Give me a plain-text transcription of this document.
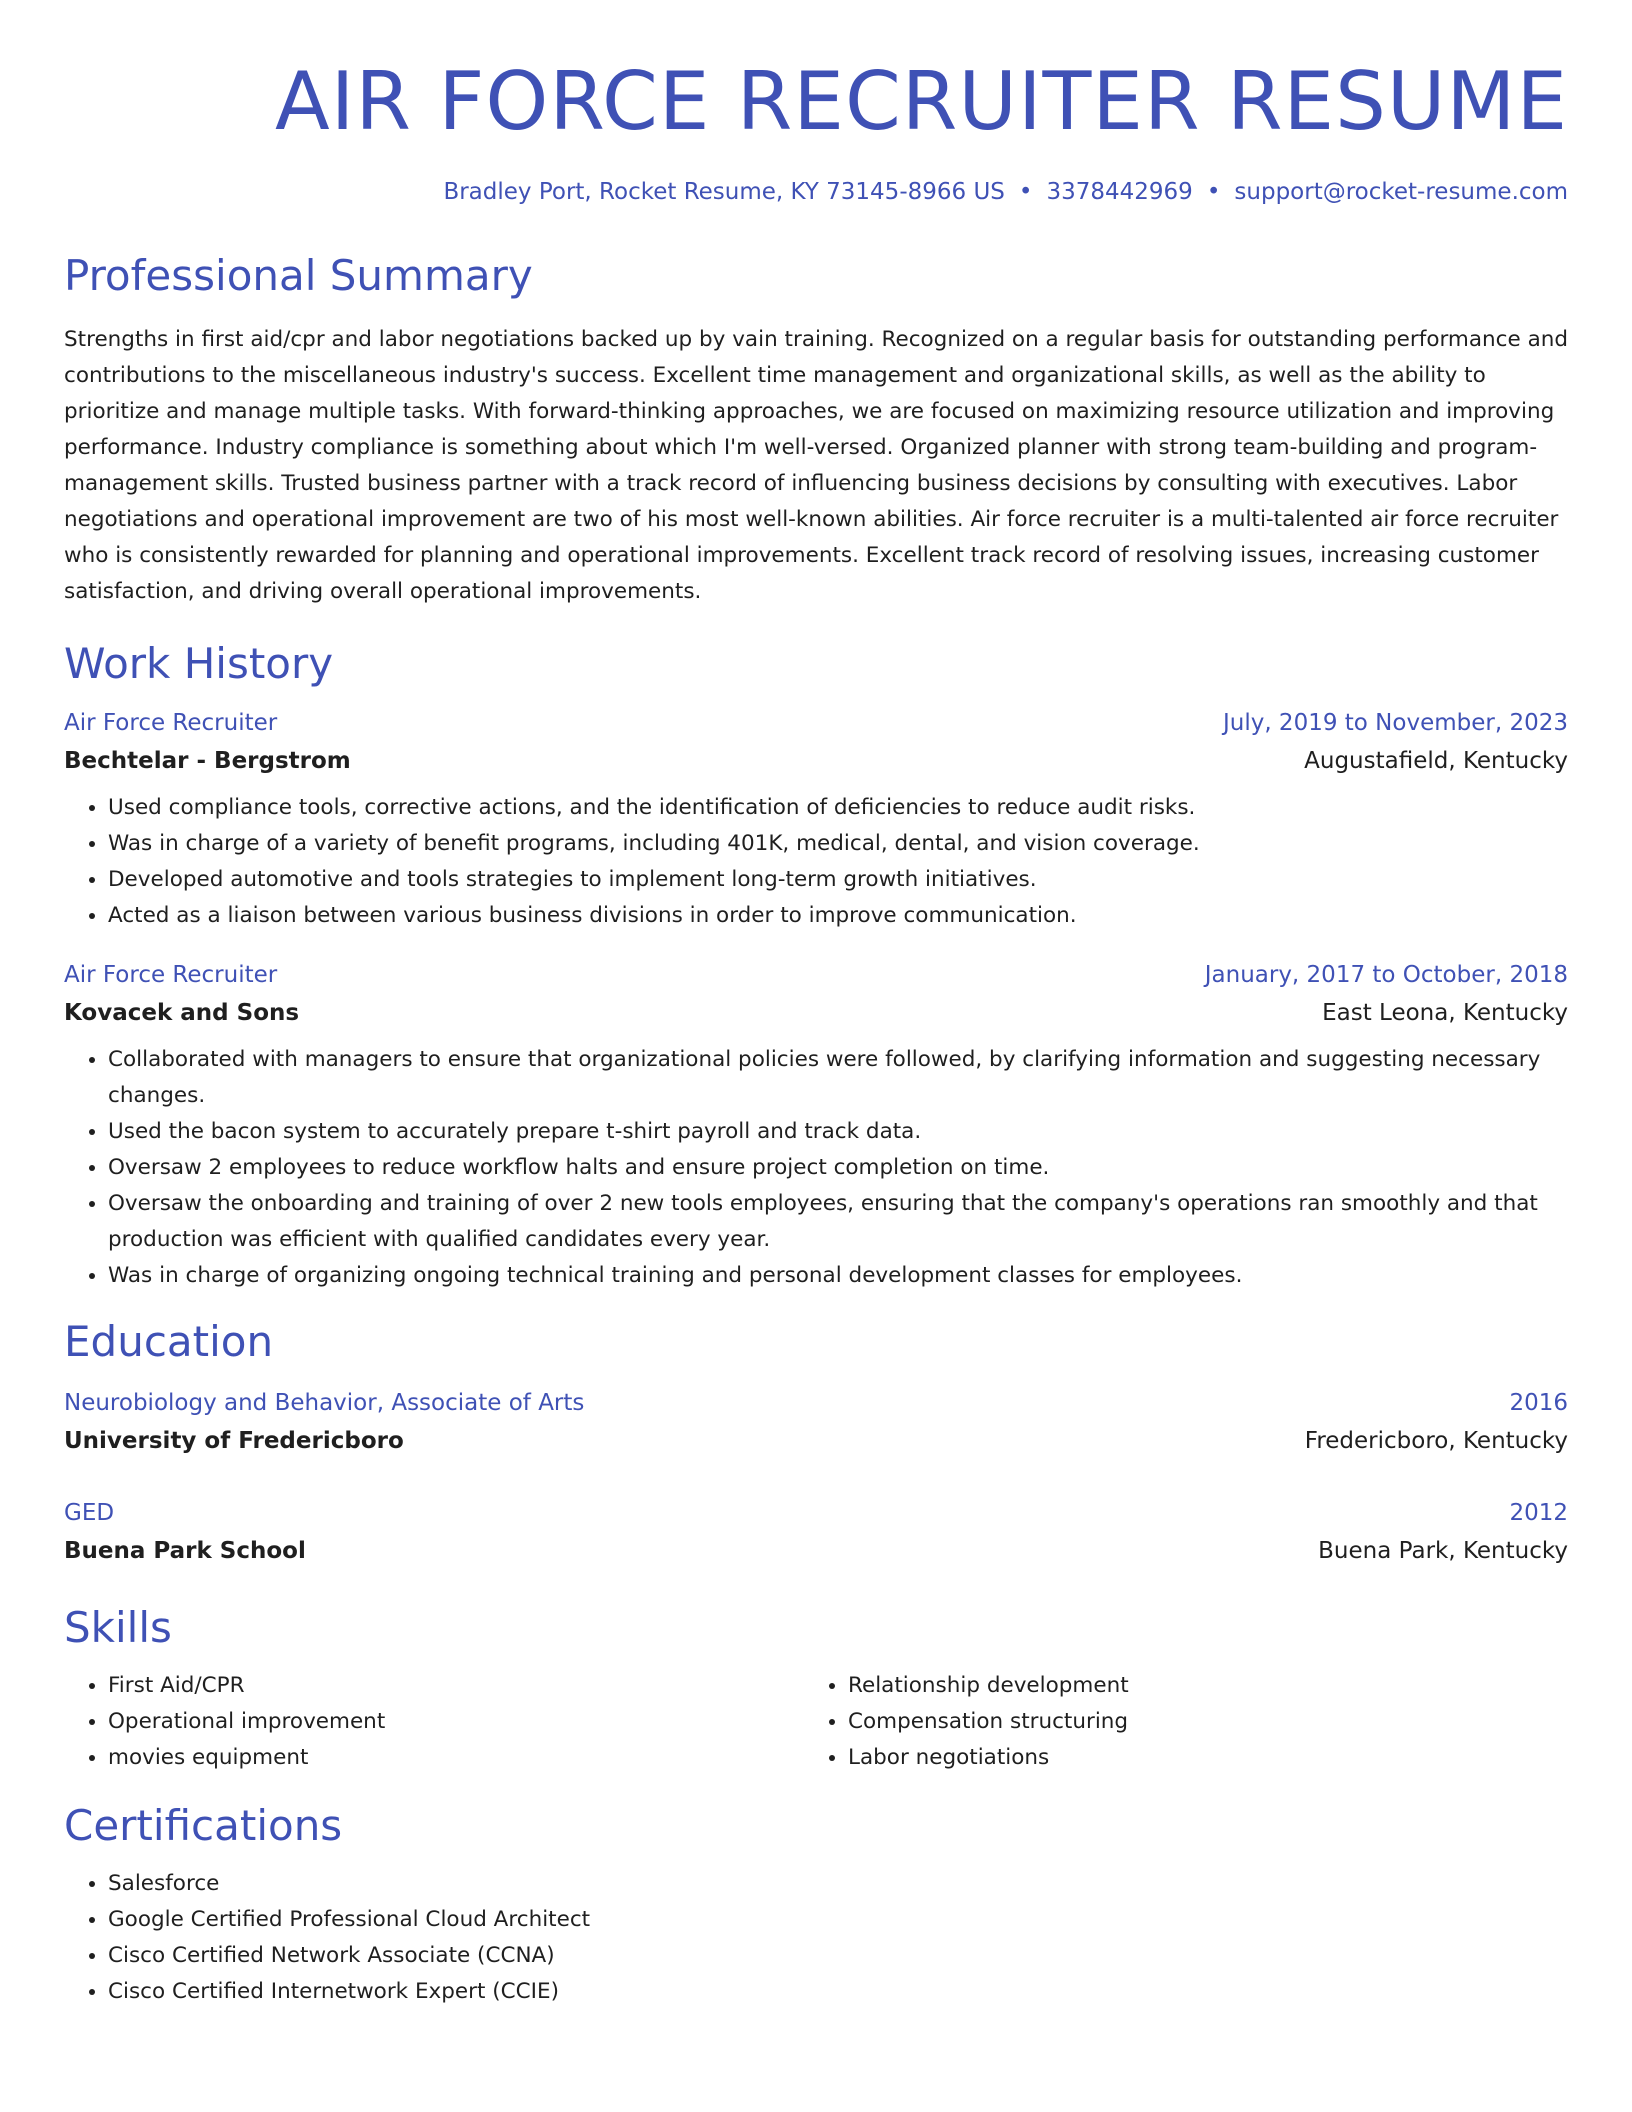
AIR FORCE RECRUITER RESUME
Bradley Port, Rocket Resume, KY 73145-8966 US • 3378442969 • support@rocket-resume.com
Professional Summary

Strengths in first aid/cpr and labor negotiations backed up by vain training. Recognized on a regular basis for outstanding performance and contributions to the miscellaneous industry's success. Excellent time management and organizational skills, as well as the ability to prioritize and manage multiple tasks. With forward-thinking approaches, we are focused on maximizing resource utilization and improving performance. Industry compliance is something about which I'm well-versed. Organized planner with strong team-building and program-management skills. Trusted business partner with a track record of influencing business decisions by consulting with executives. Labor negotiations and operational improvement are two of his most well-known abilities. Air force recruiter is a multi-talented air force recruiter who is consistently rewarded for planning and operational improvements. Excellent track record of resolving issues, increasing customer satisfaction, and driving overall operational improvements.

Work History
Air Force Recruiter	July, 2019 to November, 2023
Bechtelar - Bergstrom	Augustafield, Kentucky
• Used compliance tools, corrective actions, and the identification of deficiencies to reduce audit risks.
• Was in charge of a variety of benefit programs, including 401K, medical, dental, and vision coverage.
• Developed automotive and tools strategies to implement long-term growth initiatives.
• Acted as a liaison between various business divisions in order to improve communication.
Air Force Recruiter	January, 2017 to October, 2018
Kovacek and Sons	East Leona, Kentucky
• Collaborated with managers to ensure that organizational policies were followed, by clarifying information and suggesting necessary changes.
• Used the bacon system to accurately prepare t-shirt payroll and track data.
• Oversaw 2 employees to reduce workflow halts and ensure project completion on time.
• Oversaw the onboarding and training of over 2 new tools employees, ensuring that the company's operations ran smoothly and that production was efficient with qualified candidates every year.
• Was in charge of organizing ongoing technical training and personal development classes for employees.
Education
Neurobiology and Behavior, Associate of Arts	2016
University of Fredericboro	Fredericboro, Kentucky
GED	2012
Buena Park School	Buena Park, Kentucky
Skills
• First Aid/CPR
• Operational improvement
• movies equipment
• Relationship development
• Compensation structuring
• Labor negotiations
Certifications
• Salesforce
• Google Certified Professional Cloud Architect
• Cisco Certified Network Associate (CCNA)
• Cisco Certified Internetwork Expert (CCIE)
